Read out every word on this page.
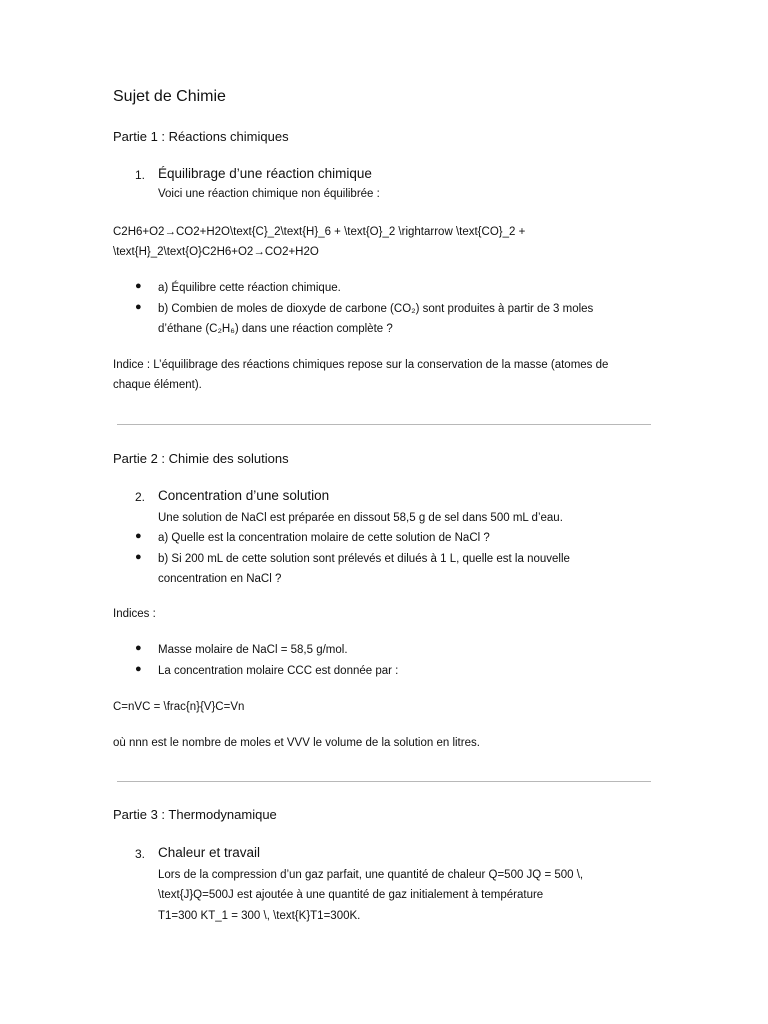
Sujet de Chimie
Partie 1 : Réactions chimiques
1. Équilibrage d’une réaction chimique
Voici une réaction chimique non équilibrée :
C2H6+O2→CO2+H2O\text{C}_2\text{H}_6 + \text{O}_2 \rightarrow \text{CO}_2 +
\text{H}_2\text{O}C2H6+O2→CO2+H2O
● a) Équilibre cette réaction chimique.
● b) Combien de moles de dioxyde de carbone (CO₂) sont produites à partir de 3 moles
d’éthane (C₂H₆) dans une réaction complète ?
Indice : L’équilibrage des réactions chimiques repose sur la conservation de la masse (atomes de
chaque élément).
Partie 2 : Chimie des solutions
2. Concentration d’une solution
Une solution de NaCl est préparée en dissout 58,5 g de sel dans 500 mL d’eau.
● a) Quelle est la concentration molaire de cette solution de NaCl ?
● b) Si 200 mL de cette solution sont prélevés et dilués à 1 L, quelle est la nouvelle
concentration en NaCl ?
Indices :
● Masse molaire de NaCl = 58,5 g/mol.
● La concentration molaire CCC est donnée par :
C=nVC = \frac{n}{V}C=Vn
où nnn est le nombre de moles et VVV le volume de la solution en litres.
Partie 3 : Thermodynamique
3. Chaleur et travail
Lors de la compression d’un gaz parfait, une quantité de chaleur Q=500 JQ = 500 \,
\text{J}Q=500J est ajoutée à une quantité de gaz initialement à température
T1=300 KT_1 = 300 \, \text{K}T1=300K.
